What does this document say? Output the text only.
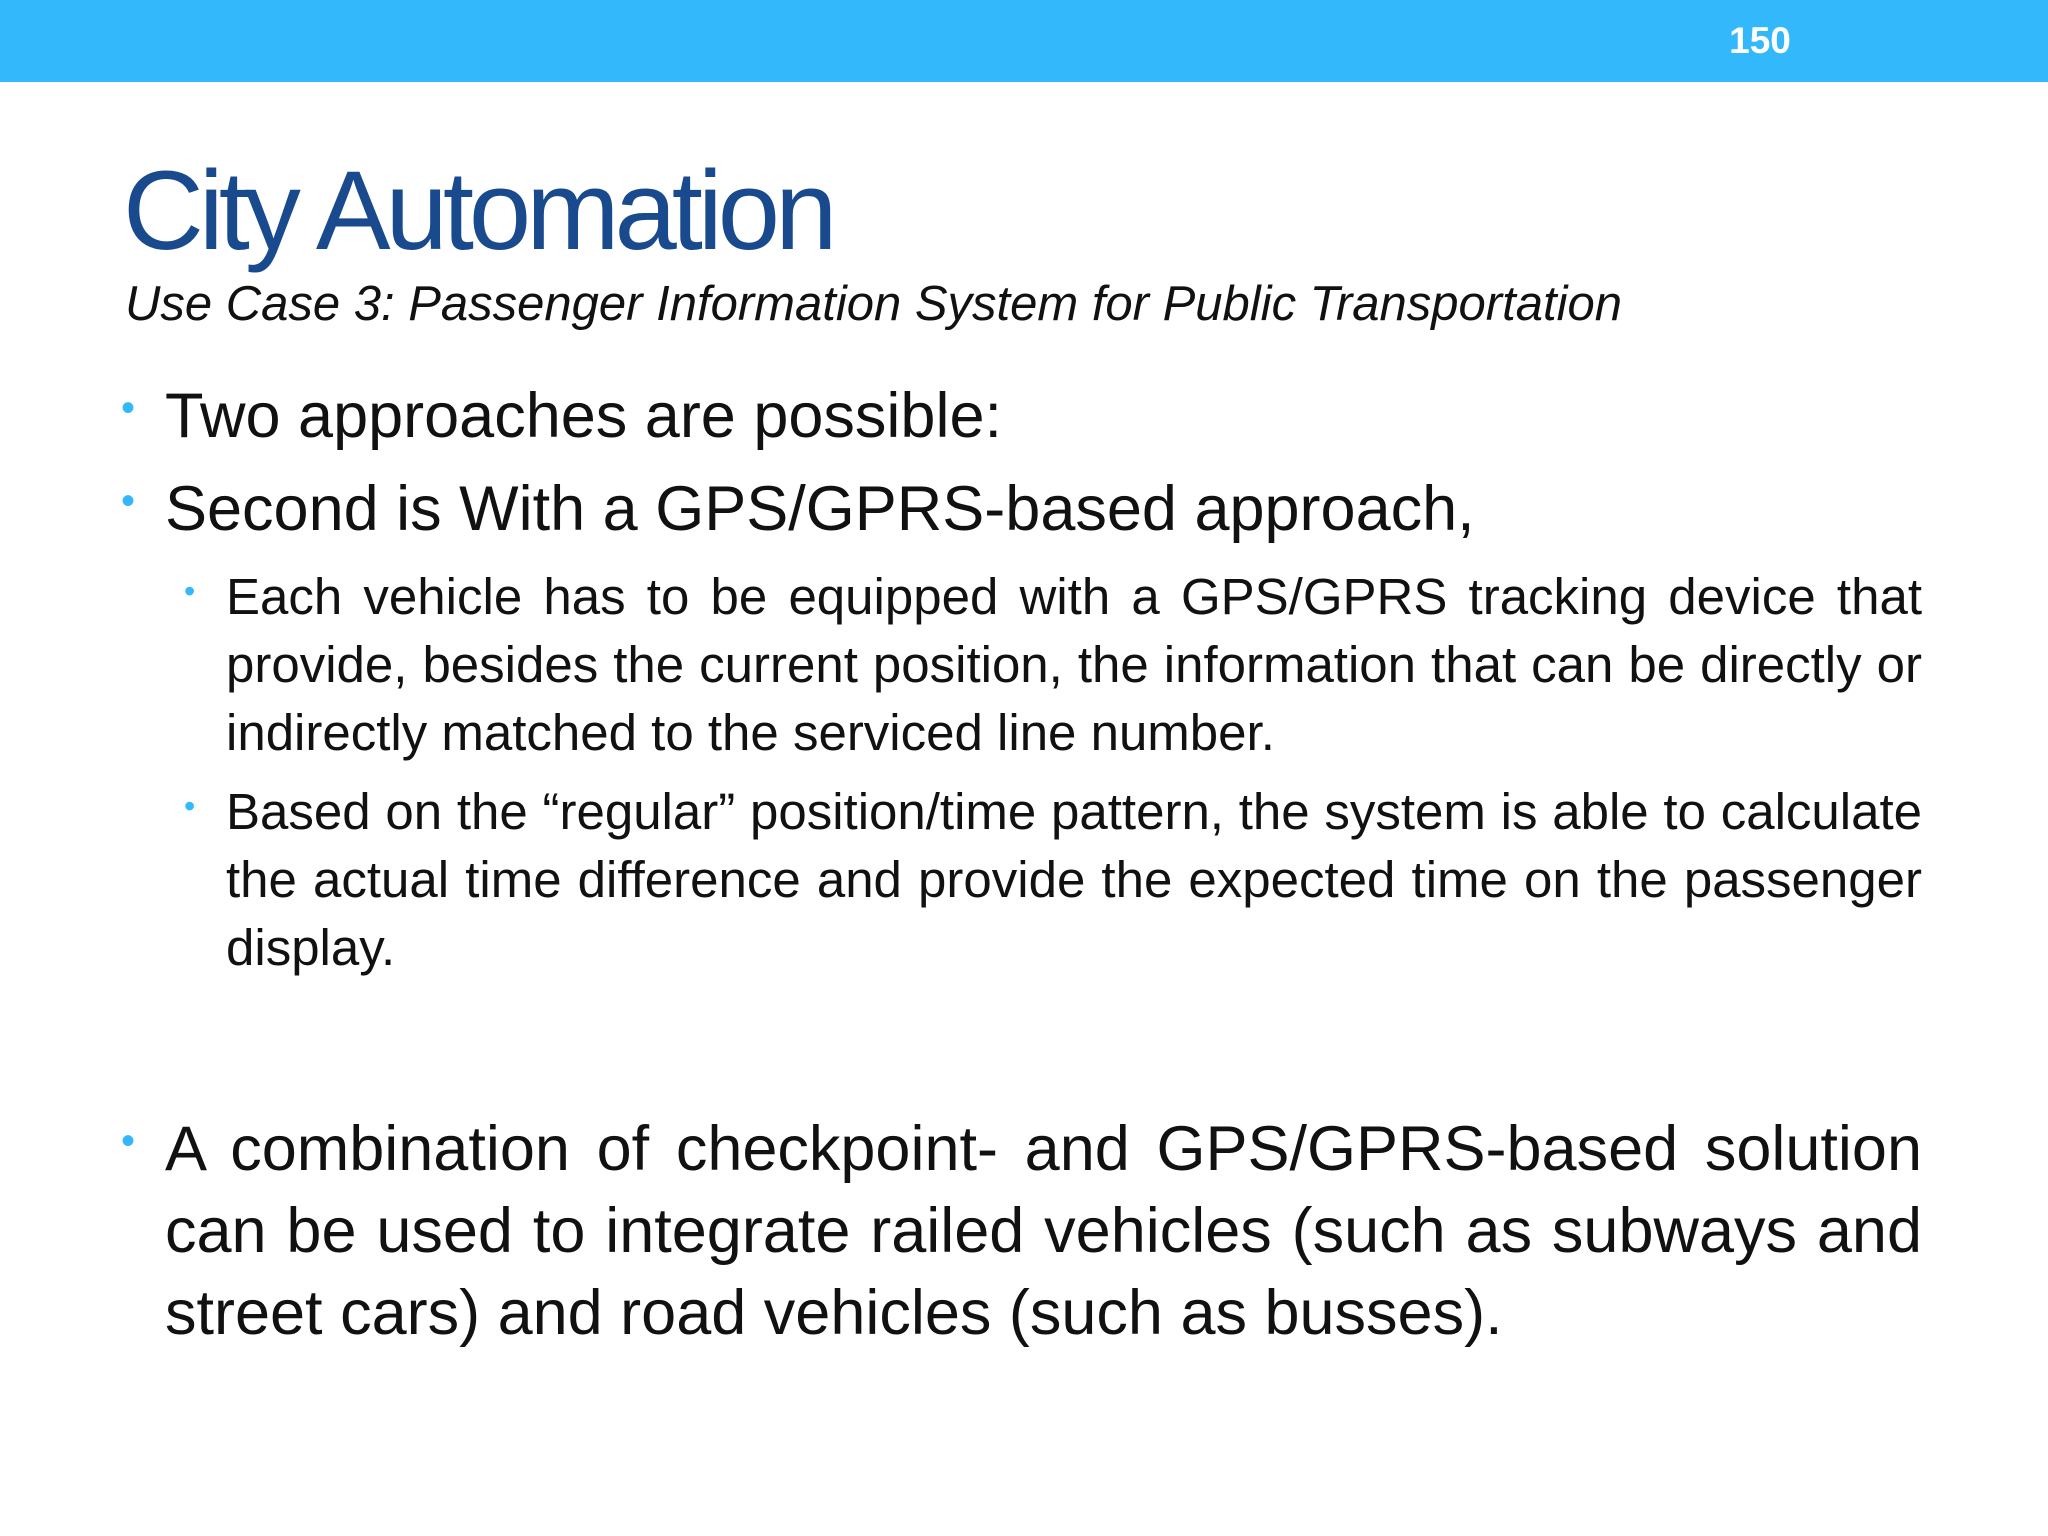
150
City Automation
Use Case 3: Passenger Information System for Public Transportation
• Two approaches are possible:
• Second is With a GPS/GPRS-based approach,
• Each vehicle has to be equipped with a GPS/GPRS tracking device that provide, besides the current position, the information that can be directly or indirectly matched to the serviced line number.
• Based on the “regular” position/time pattern, the system is able to calculate the actual time difference and provide the expected time on the passenger display.
• A combination of checkpoint- and GPS/GPRS-based solution can be used to integrate railed vehicles (such as subways and street cars) and road vehicles (such as busses).
